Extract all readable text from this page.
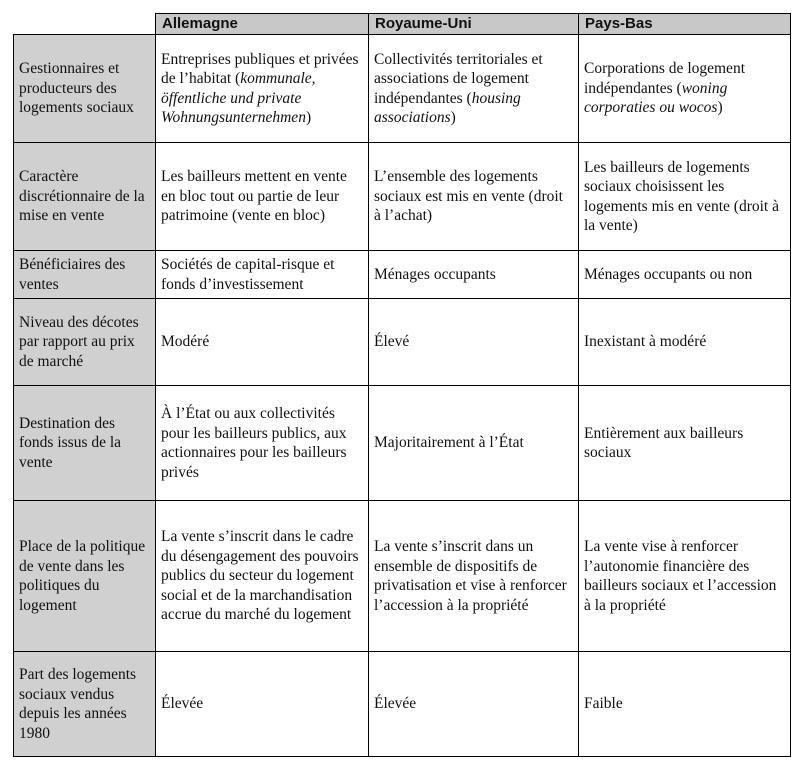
	Allemagne	Royaume-Uni	Pays-Bas
Gestionnaires et producteurs des logements sociaux	Entreprises publiques et privées de l’habitat (kommunale, öffentliche und private Wohnungsunternehmen)	Collectivités territoriales et associations de logement indépendantes (housing associations)	Corporations de logement indépendantes (woning corporaties ou wocos)
Caractère discrétionnaire de la mise en vente	Les bailleurs mettent en vente en bloc tout ou partie de leur patrimoine (vente en bloc)	L’ensemble des logements sociaux est mis en vente (droit à l’achat)	Les bailleurs de logements sociaux choisissent les logements mis en vente (droit à la vente)
Bénéficiaires des ventes	Sociétés de capital-risque et fonds d’investissement	Ménages occupants	Ménages occupants ou non
Niveau des décotes par rapport au prix de marché	Modéré	Élevé	Inexistant à modéré
Destination des fonds issus de la vente	À l’État ou aux collectivités pour les bailleurs publics, aux actionnaires pour les bailleurs privés	Majoritairement à l’État	Entièrement aux bailleurs sociaux
Place de la politique de vente dans les politiques du logement	La vente s’inscrit dans le cadre du désengagement des pouvoirs publics du secteur du logement social et de la marchandisation accrue du marché du logement	La vente s’inscrit dans un ensemble de dispositifs de privatisation et vise à renforcer l’accession à la propriété	La vente vise à renforcer l’autonomie financière des bailleurs sociaux et l’accession à la propriété
Part des logements sociaux vendus depuis les années 1980	Élevée	Élevée	Faible
